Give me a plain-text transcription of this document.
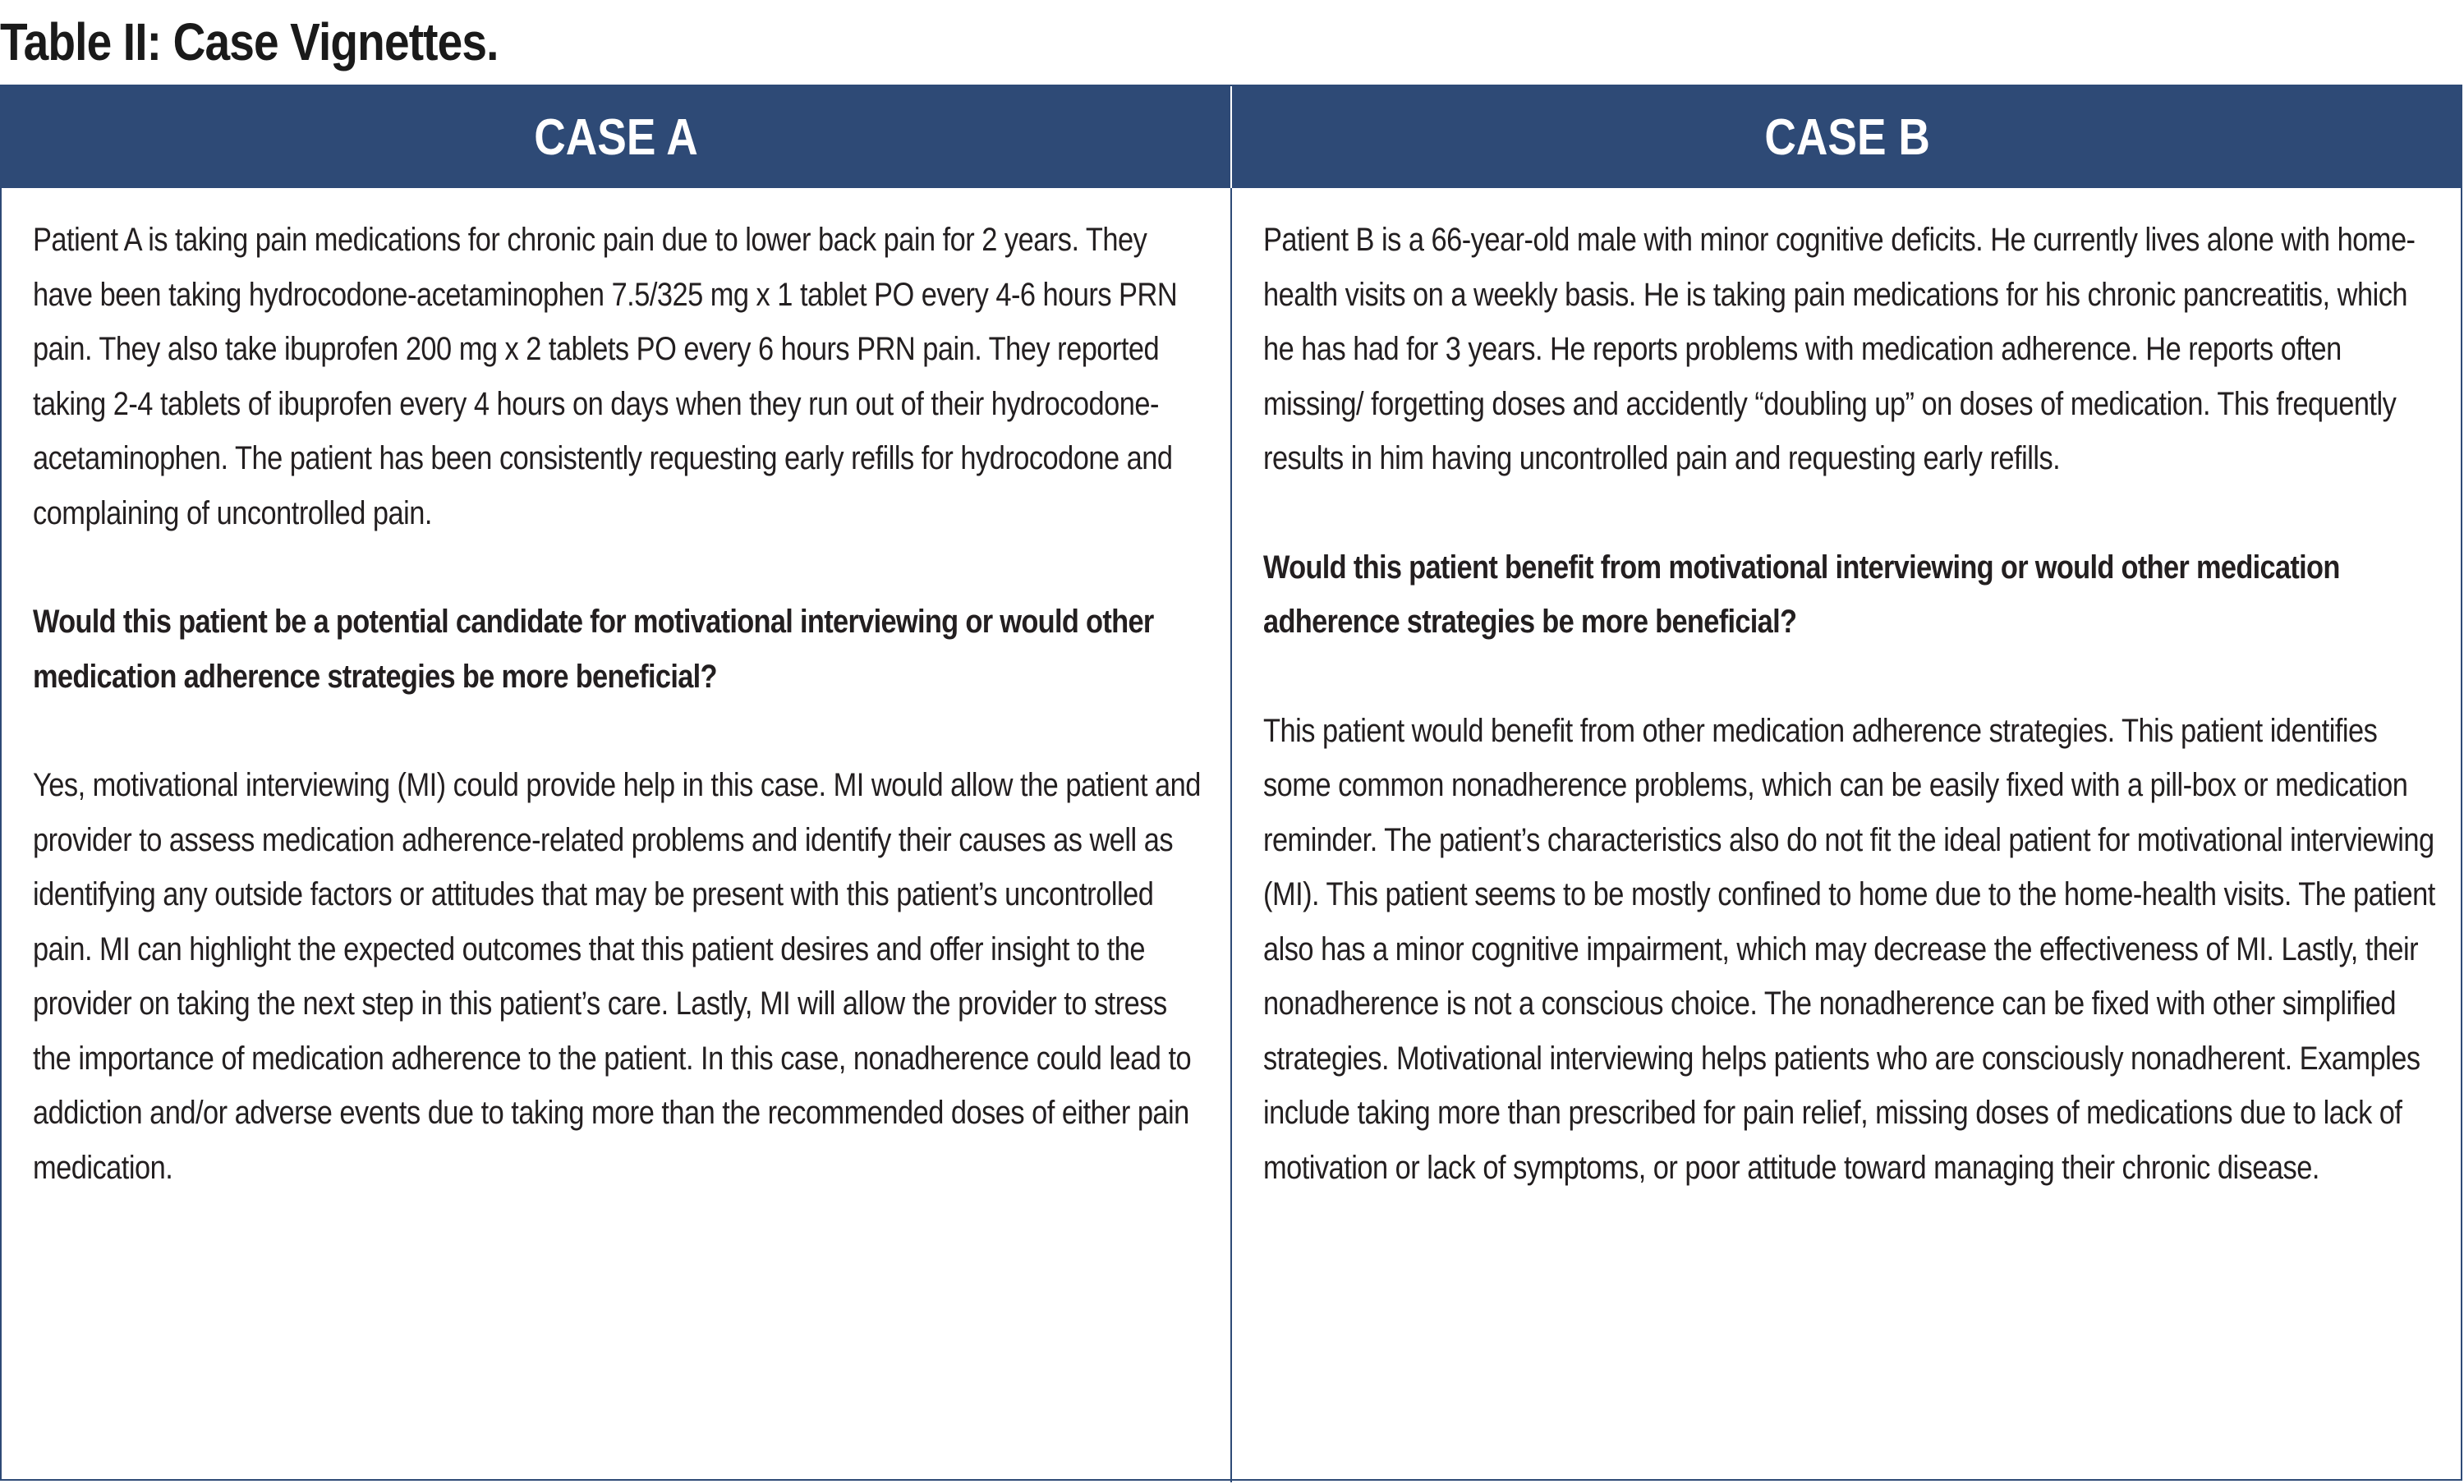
Table II: Case Vignettes.
CASE A	CASE B

Patient A is taking pain medications for chronic pain due to lower back pain for 2 years. They have been taking hydrocodone-acetaminophen 7.5/325 mg x 1 tablet PO every 4-6 hours PRN pain. They also take ibuprofen 200 mg x 2 tablets PO every 6 hours PRN pain. They reported taking 2-4 tablets of ibuprofen every 4 hours on days when they run out of their hydrocodone-acetaminophen. The patient has been consistently requesting early refills for hydrocodone and complaining of uncontrolled pain.

Would this patient be a potential candidate for motivational interviewing or would other medication adherence strategies be more beneficial?

Yes, motivational interviewing (MI) could provide help in this case. MI would allow the patient and provider to assess medication adherence-related problems and identify their causes as well as identifying any outside factors or attitudes that may be present with this patient’s uncontrolled pain. MI can highlight the expected outcomes that this patient desires and offer insight to the provider on taking the next step in this patient’s care. Lastly, MI will allow the provider to stress the importance of medication adherence to the patient. In this case, nonadherence could lead to addiction and/or adverse events due to taking more than the recommended doses of either pain medication.

Patient B is a 66-year-old male with minor cognitive deficits. He currently lives alone with home-health visits on a weekly basis. He is taking pain medications for his chronic pancreatitis, which he has had for 3 years. He reports problems with medication adherence. He reports often missing/ forgetting doses and accidently “doubling up” on doses of medication. This frequently results in him having uncontrolled pain and requesting early refills.

Would this patient benefit from motivational interviewing or would other medication adherence strategies be more beneficial?

This patient would benefit from other medication adherence strategies. This patient identifies some common nonadherence problems, which can be easily fixed with a pill-box or medication reminder. The patient’s characteristics also do not fit the ideal patient for motivational interviewing (MI). This patient seems to be mostly confined to home due to the home-health visits. The patient also has a minor cognitive impairment, which may decrease the effectiveness of MI. Lastly, their nonadherence is not a conscious choice. The nonadherence can be fixed with other simplified strategies. Motivational interviewing helps patients who are consciously nonadherent. Examples include taking more than prescribed for pain relief, missing doses of medications due to lack of motivation or lack of symptoms, or poor attitude toward managing their chronic disease.
